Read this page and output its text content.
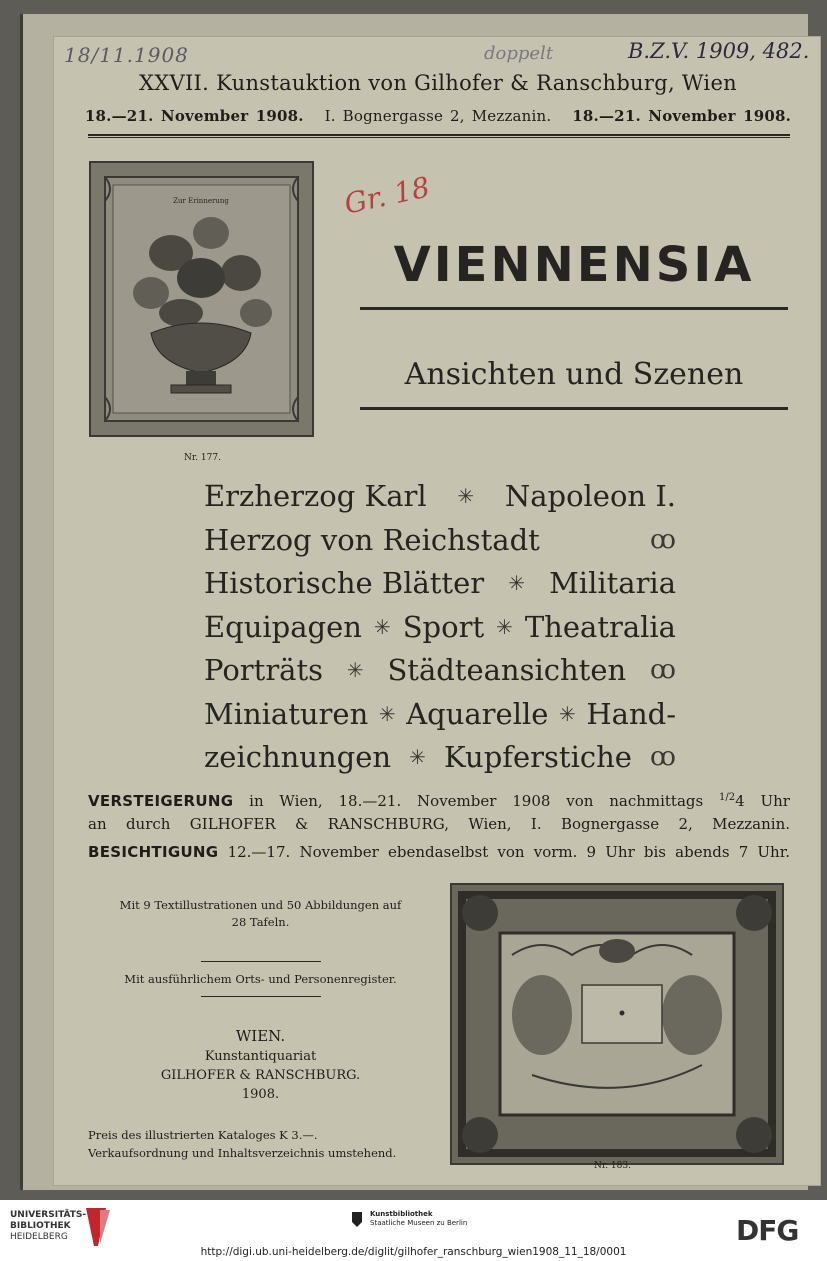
18/11.1908	doppelt	B.Z.V. 1909, 482.
XXVII. Kunstauktion von Gilhofer & Ranschburg, Wien
18.—21. November 1908. I. Bognergasse 2, Mezzanin. 18.—21. November 1908.
Zur Erinnerung
Nr. 177.
Gr. 18
VIENNENSIA
Ansichten und Szenen
Erzherzog Karl ✳ Napoleon I.
Herzog von Reichstadt	ꝏ
Historische Blätter ✳ Militaria
Equipagen ✳ Sport ✳ Theatralia
Porträts ✳ Städteansichten ꝏ
Miniaturen ✳ Aquarelle ✳ Hand-
zeichnungen ✳ Kupferstiche ꝏ
VERSTEIGERUNG in Wien, 18.—21. November 1908 von nachmittags $^{1/2}$4 Uhr
an durch GILHOFER & RANSCHBURG, Wien, I. Bognergasse 2, Mezzanin.
BESICHTIGUNG 12.—17. November ebendaselbst von vorm. 9 Uhr bis abends 7 Uhr.
Mit 9 Textillustrationen und 50 Abbildungen auf
28 Tafeln.
Mit ausführlichem Orts- und Personenregister.
WIEN.
Kunstantiquariat
GILHOFER & RANSCHBURG.
1908.
Preis des illustrierten Kataloges K 3.—.
Verkaufsordnung und Inhaltsverzeichnis umstehend.
Nr. 183.
UNIVERSITÄTS-
BIBLIOTHEK
HEIDELBERG
Kunstbibliothek
Staatliche Museen zu Berlin	DFG
http://digi.ub.uni-heidelberg.de/diglit/gilhofer_ranschburg_wien1908_11_18/0001
